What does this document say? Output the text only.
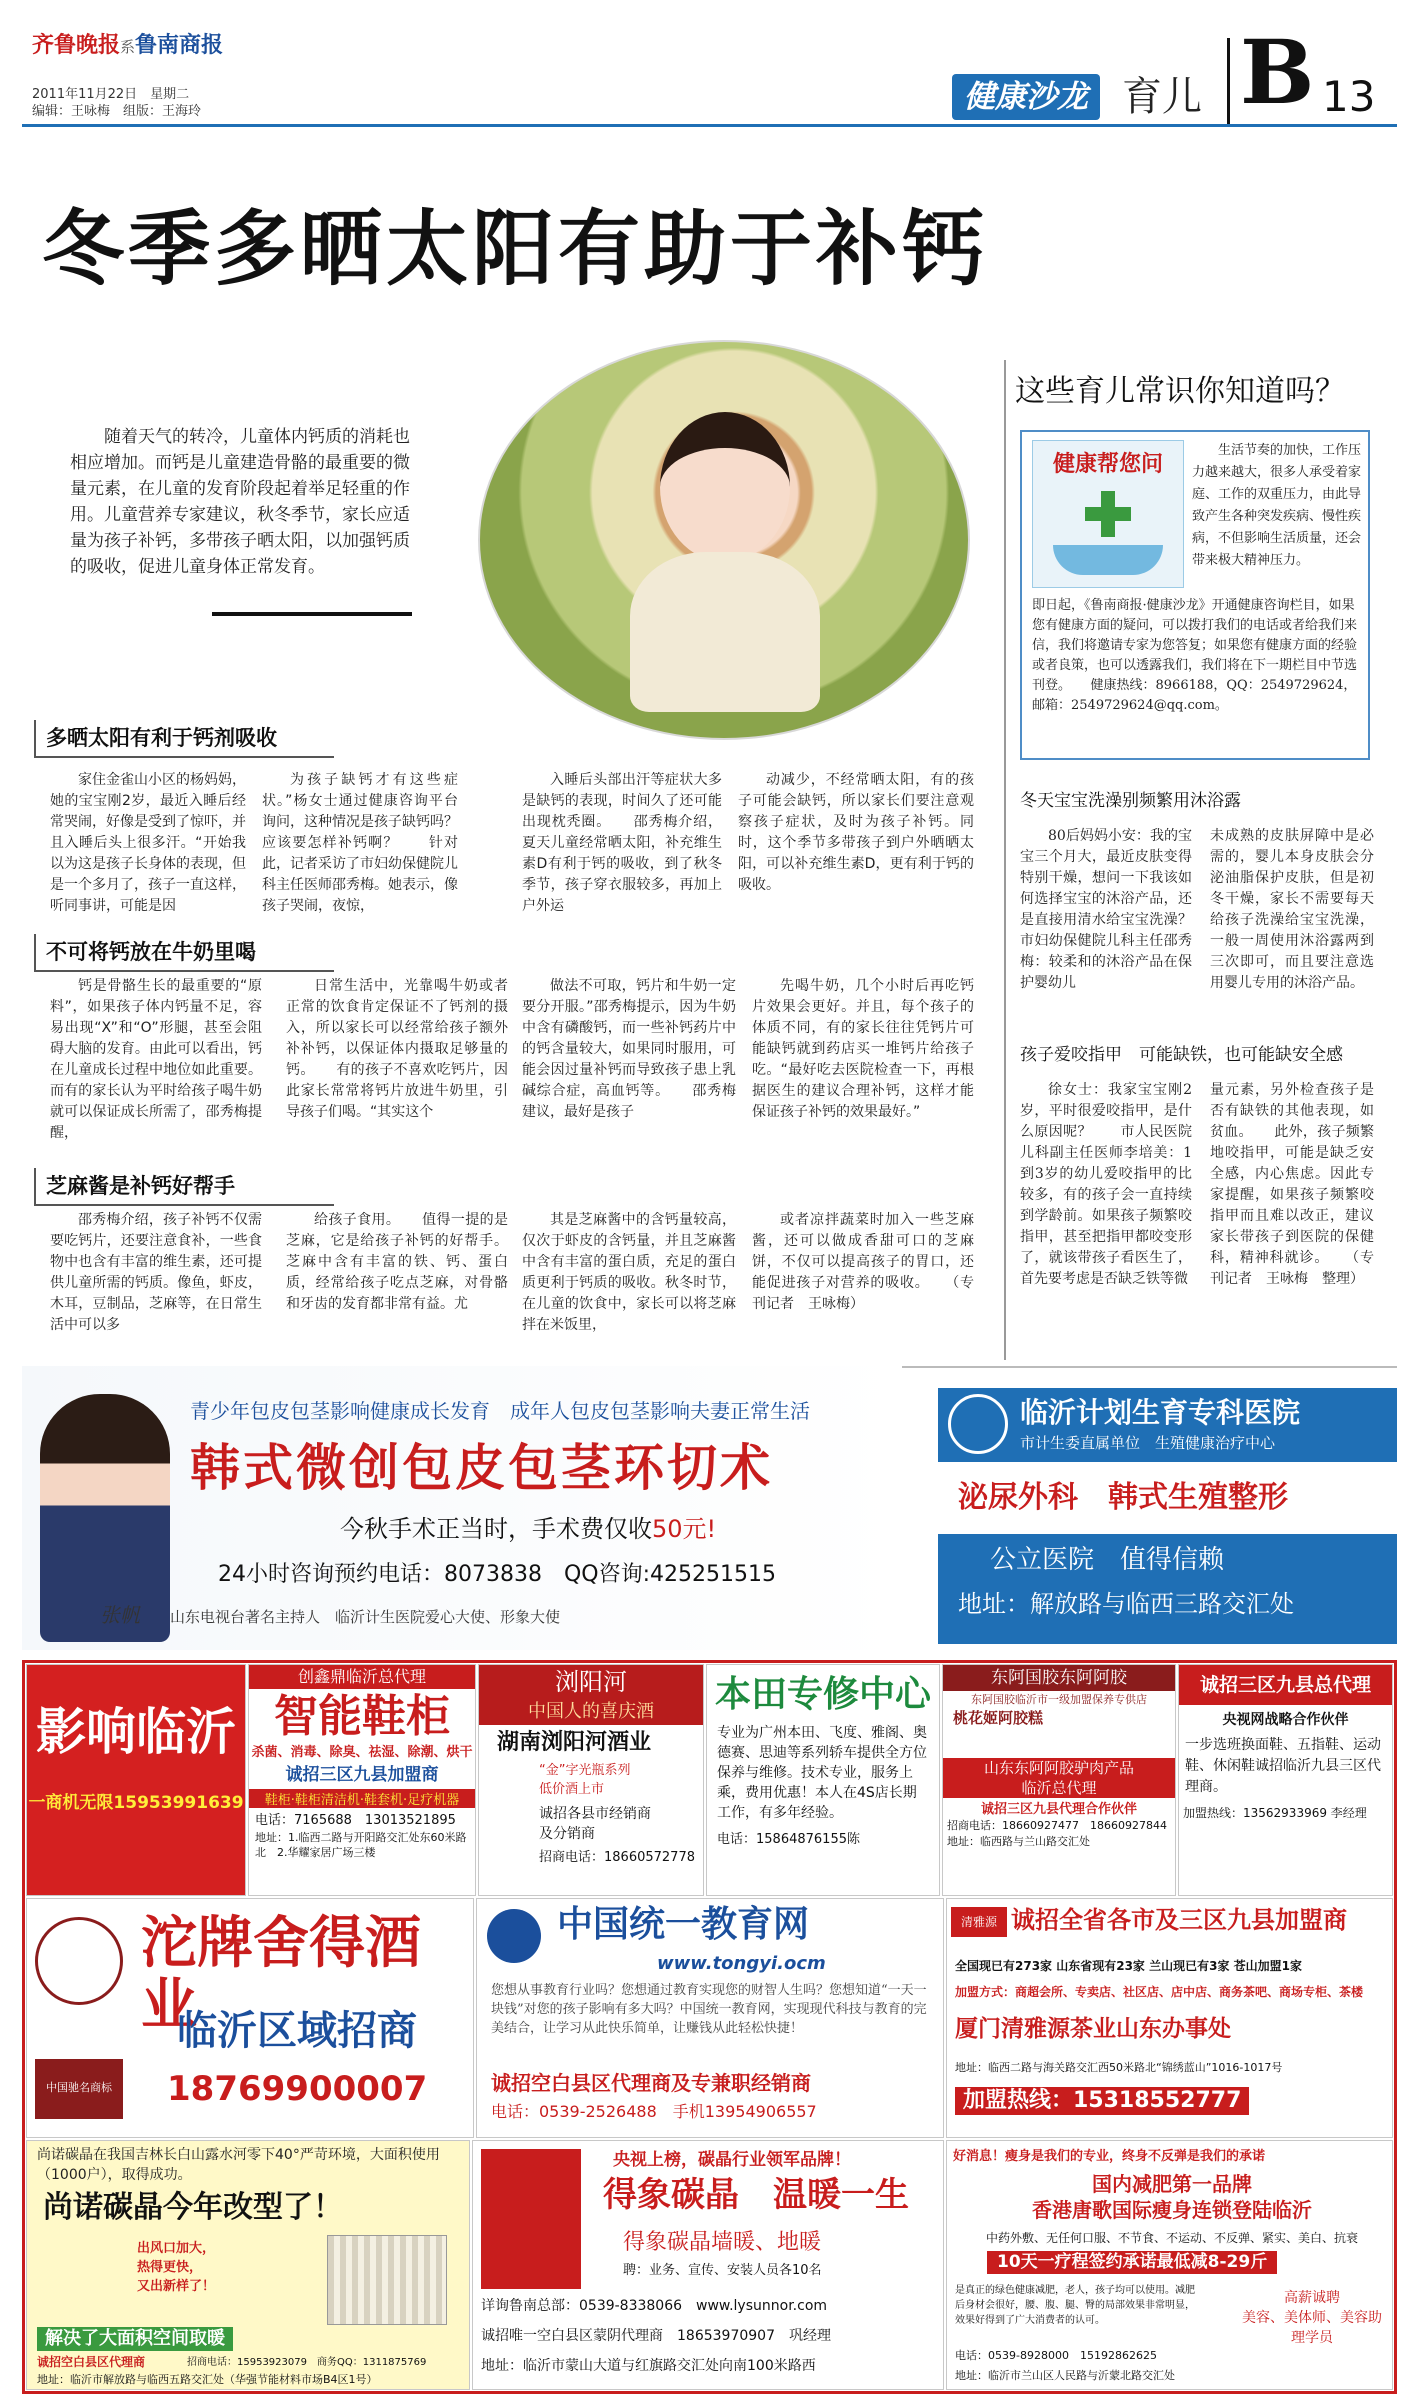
齐鲁晚报系鲁南商报
2011年11月22日　星期二
编辑：王咏梅　组版：王海玲	健康沙龙 育儿 B 13
冬季多晒太阳有助于补钙
随着天气的转冷，儿童体内钙质的消耗也相应增加。而钙是儿童建造骨骼的最重要的微量元素，在儿童的发育阶段起着举足轻重的作用。儿童营养专家建议，秋冬季节，家长应适量为孩子补钙，多带孩子晒太阳，以加强钙质的吸收，促进儿童身体正常发育。
多晒太阳有利于钙剂吸收
家住金雀山小区的杨妈妈，她的宝宝刚2岁，最近入睡后经常哭闹，好像是受到了惊吓，并且入睡后头上很多汗。“开始我以为这是孩子长身体的表现，但是一个多月了，孩子一直这样，听同事讲，可能是因
为孩子缺钙才有这些症状。”杨女士通过健康咨询平台询问，这种情况是孩子缺钙吗？应该要怎样补钙啊？　　针对此，记者采访了市妇幼保健院儿科主任医师邵秀梅。她表示，像孩子哭闹，夜惊，
入睡后头部出汗等症状大多是缺钙的表现，时间久了还可能出现枕秃圈。　　邵秀梅介绍，夏天儿童经常晒太阳，补充维生素D有利于钙的吸收，到了秋冬季节，孩子穿衣服较多，再加上户外运
动减少，不经常晒太阳，有的孩子可能会缺钙，所以家长们要注意观察孩子症状，及时为孩子补钙。同时，这个季节多带孩子到户外晒晒太阳，可以补充维生素D，更有利于钙的吸收。
不可将钙放在牛奶里喝
钙是骨骼生长的最重要的“原料”，如果孩子体内钙量不足，容易出现“X”和“O”形腿，甚至会阻碍大脑的发育。由此可以看出，钙在儿童成长过程中地位如此重要。而有的家长认为平时给孩子喝牛奶就可以保证成长所需了，邵秀梅提醒，
日常生活中，光靠喝牛奶或者正常的饮食肯定保证不了钙剂的摄入，所以家长可以经常给孩子额外补补钙，以保证体内摄取足够量的钙。　　有的孩子不喜欢吃钙片，因此家长常常将钙片放进牛奶里，引导孩子们喝。“其实这个
做法不可取，钙片和牛奶一定要分开服。”邵秀梅提示，因为牛奶中含有磷酸钙，而一些补钙药片中的钙含量较大，如果同时服用，可能会因过量补钙而导致孩子患上乳碱综合症，高血钙等。　　邵秀梅建议，最好是孩子
先喝牛奶，几个小时后再吃钙片效果会更好。并且，每个孩子的体质不同，有的家长往往凭钙片可能缺钙就到药店买一堆钙片给孩子吃。“最好吃去医院检查一下，再根据医生的建议合理补钙，这样才能保证孩子补钙的效果最好。”
芝麻酱是补钙好帮手
邵秀梅介绍，孩子补钙不仅需要吃钙片，还要注意食补，一些食物中也含有丰富的维生素，还可提供儿童所需的钙质。像鱼，虾皮，木耳，豆制品，芝麻等，在日常生活中可以多
给孩子食用。　　值得一提的是芝麻，它是给孩子补钙的好帮手。芝麻中含有丰富的铁、钙、蛋白质，经常给孩子吃点芝麻，对骨骼和牙齿的发育都非常有益。尤
其是芝麻酱中的含钙量较高，仅次于虾皮的含钙量，并且芝麻酱中含有丰富的蛋白质，充足的蛋白质更利于钙质的吸收。秋冬时节，在儿童的饮食中，家长可以将芝麻拌在米饭里，
或者凉拌蔬菜时加入一些芝麻酱，还可以做成香甜可口的芝麻饼，不仅可以提高孩子的胃口，还能促进孩子对营养的吸收。　　（专刊记者　王咏梅）
这些育儿常识你知道吗？
健康帮您问
生活节奏的加快，工作压力越来越大，很多人承受着家庭、工作的双重压力，由此导致产生各种突发疾病、慢性疾病，不但影响生活质量，还会带来极大精神压力。
即日起，《鲁南商报·健康沙龙》开通健康咨询栏目，如果您有健康方面的疑问，可以拨打我们的电话或者给我们来信，我们将邀请专家为您答复；如果您有健康方面的经验或者良策，也可以透露我们，我们将在下一期栏目中节选刊登。　　健康热线：8966188，QQ：2549729624，邮箱：2549729624@qq.com。
冬天宝宝洗澡别频繁用沐浴露
80后妈妈小安：我的宝宝三个月大，最近皮肤变得特别干燥，想问一下我该如何选择宝宝的沐浴产品，还是直接用清水给宝宝洗澡？　　市妇幼保健院儿科主任邵秀梅：较柔和的沐浴产品在保护婴幼儿
未成熟的皮肤屏障中是必需的，婴儿本身皮肤会分泌油脂保护皮肤，但是初冬干燥，家长不需要每天给孩子洗澡给宝宝洗澡，一般一周使用沐浴露两到三次即可，而且要注意选用婴儿专用的沐浴产品。
孩子爱咬指甲　可能缺铁，也可能缺安全感
徐女士：我家宝宝刚2岁，平时很爱咬指甲，是什么原因呢？　　市人民医院儿科副主任医师李培美：1到3岁的幼儿爱咬指甲的比较多，有的孩子会一直持续到学龄前。如果孩子频繁咬指甲，甚至把指甲都咬变形了，就该带孩子看医生了，首先要考虑是否缺乏铁等微
量元素，另外检查孩子是否有缺铁的其他表现，如贫血。　　此外，孩子频繁地咬指甲，可能是缺乏安全感，内心焦虑。因此专家提醒，如果孩子频繁咬指甲而且难以改正，建议家长带孩子到医院的保健科，精神科就诊。　　（专刊记者　王咏梅　整理）
青少年包皮包茎影响健康成长发育　成年人包皮包茎影响夫妻正常生活
韩式微创包皮包茎环切术
今秋手术正当时，手术费仅收50元!
24小时咨询预约电话：8073838　QQ咨询:425251515
张帆 山东电视台著名主持人　临沂计生医院爱心大使、形象大使
临沂计划生育专科医院
市计生委直属单位　生殖健康治疗中心
泌尿外科　韩式生殖整形
公立医院　值得信赖
地址：解放路与临西三路交汇处
影响临沂
一商机无限15953991639
创鑫鼎临沂总代理
智能鞋柜
杀菌、消毒、除臭、祛湿、除潮、烘干
诚招三区九县加盟商
鞋柜·鞋柜清洁机·鞋套机·足疗机器
电话：7165688　13013521895
地址：1.临西二路与开阳路交汇处东60米路北　2.华耀家居广场三楼
浏阳河
中国人的喜庆酒
湖南浏阳河酒业
“金”字光瓶系列
低价酒上市
诚招各县市经销商
及分销商
招商电话：18660572778
本田专修中心
专业为广州本田、飞度、雅阁、奥德赛、思迪等系列轿车提供全方位保养与维修。技术专业，服务上乘，费用优惠！本人在4S店长期工作，有多年经验。
电话：15864876155陈
东阿国胶东阿阿胶
东阿国胶临沂市一级加盟保养专供店
桃花姬阿胶糕
山东东阿阿胶驴肉产品
临沂总代理
诚招三区九县代理合作伙伴
招商电话：18660927477　18660927844
地址：临西路与兰山路交汇处
诚招三区九县总代理
央视网战略合作伙伴
一步选班换面鞋、五指鞋、运动鞋、休闲鞋诚招临沂九县三区代理商。
加盟热线：13562933969 李经理
中国驰名商标
沱牌舍得酒业
临沂区域招商
18769900007
中国统一教育网
www.tongyi.ocm
您想从事教育行业吗？您想通过教育实现您的财智人生吗？您想知道“一天一块钱”对您的孩子影响有多大吗？中国统一教育网，实现现代科技与教育的完美结合，让学习从此快乐简单，让赚钱从此轻松快捷！
诚招空白县区代理商及专兼职经销商
电话：0539-2526488　手机13954906557
清雅源 诚招全省各市及三区九县加盟商
全国现已有273家 山东省现有23家 兰山现已有3家 苍山加盟1家
加盟方式：商超会所、专卖店、社区店、店中店、商务茶吧、商场专柜、茶楼
厦门清雅源茶业山东办事处
地址：临西二路与海关路交汇西50米路北“锦绣蓝山”1016-1017号
加盟热线：15318552777
尚诺碳晶在我国吉林长白山露水河零下40°严苛环境，大面积使用（1000户），取得成功。
尚诺碳晶今年改型了！
出风口加大，
热得更快，
又出新样了！
解决了大面积空间取暖
诚招空白县区代理商	招商电话：15953923079　商务QQ：1311875769
地址：临沂市解放路与临西五路交汇处（华强节能材料市场B4区1号）
央视上榜，碳晶行业领军品牌！
得象碳晶　温暖一生
得象碳晶墙暖、地暖
聘：业务、宣传、安装人员各10名
详询鲁南总部：0539-8338066　www.lysunnor.com
诚招唯一空白县区蒙阴代理商　18653970907　巩经理
地址：临沂市蒙山大道与红旗路交汇处向南100米路西
好消息！瘦身是我们的专业，终身不反弹是我们的承诺
国内减肥第一品牌
香港唐歌国际瘦身连锁登陆临沂
中药外敷、无任何口服、不节食、不运动、不反弹、紧实、美白、抗衰
10天一疗程签约承诺最低减8-29斤
是真正的绿色健康减肥，老人，孩子均可以使用。减肥后身材会很好，腰、腹、腿、臀的局部效果非常明显，效果好得到了广大消费者的认可。
高薪诚聘
美容、美体师、美容助理学员
电话：0539-8928000　15192862625
地址：临沂市兰山区人民路与沂蒙北路交汇处
